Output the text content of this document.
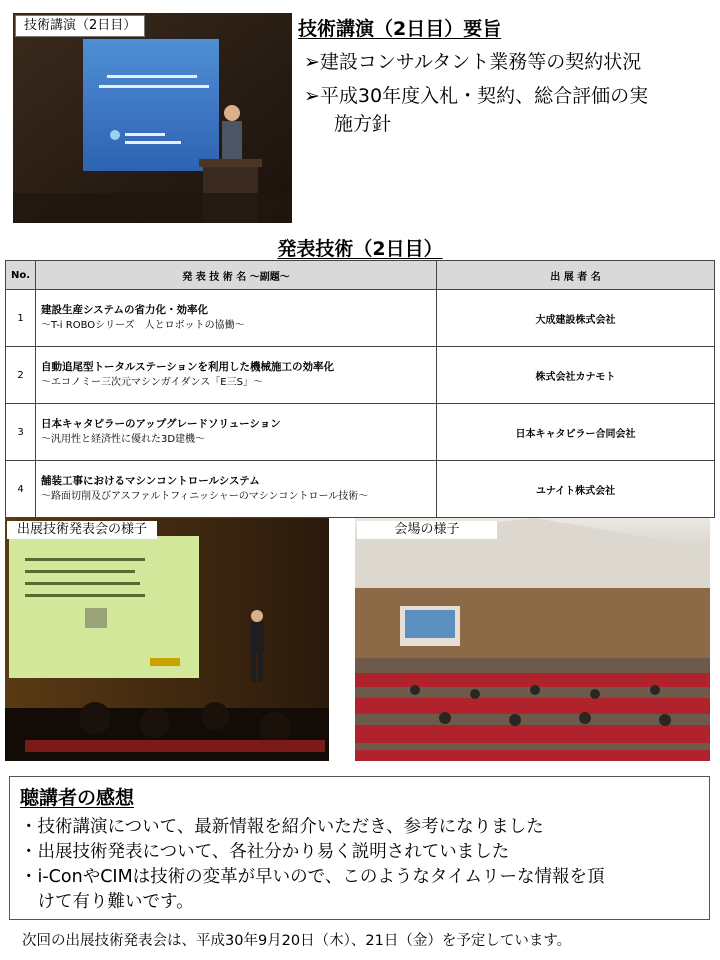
技術講演（2日目）	技術講演（2日目）要旨
➢建設コンサルタント業務等の契約状況
➢平成30年度入札・契約、総合評価の実
施方針
発表技術（2日目）
No.	発 表 技 術 名 ～副題～	出 展 者 名
1	建設生産システムの省力化・効率化
～T-i ROBOシリーズ　人とロボットの協働～	大成建設株式会社
2	自動追尾型トータルステーションを利用した機械施工の効率化
～エコノミー三次元マシンガイダンス「E三S」～	株式会社カナモト
3	日本キャタピラーのアップグレードソリューション
～汎用性と経済性に優れた3D建機～	日本キャタピラー合同会社
4	舗装工事におけるマシンコントロールシステム
～路面切削及びアスファルトフィニッシャーのマシンコントロール技術～	ユナイト株式会社
出展技術発表会の様子	会場の様子
聴講者の感想
・技術講演について、最新情報を紹介いただき、参考になりました
・出展技術発表について、各社分かり易く説明されていました
・i-ConやCIMは技術の変革が早いので、このようなタイムリーな情報を頂
　けて有り難いです。
次回の出展技術発表会は、平成30年9月20日（木）、21日（金）を予定しています。
